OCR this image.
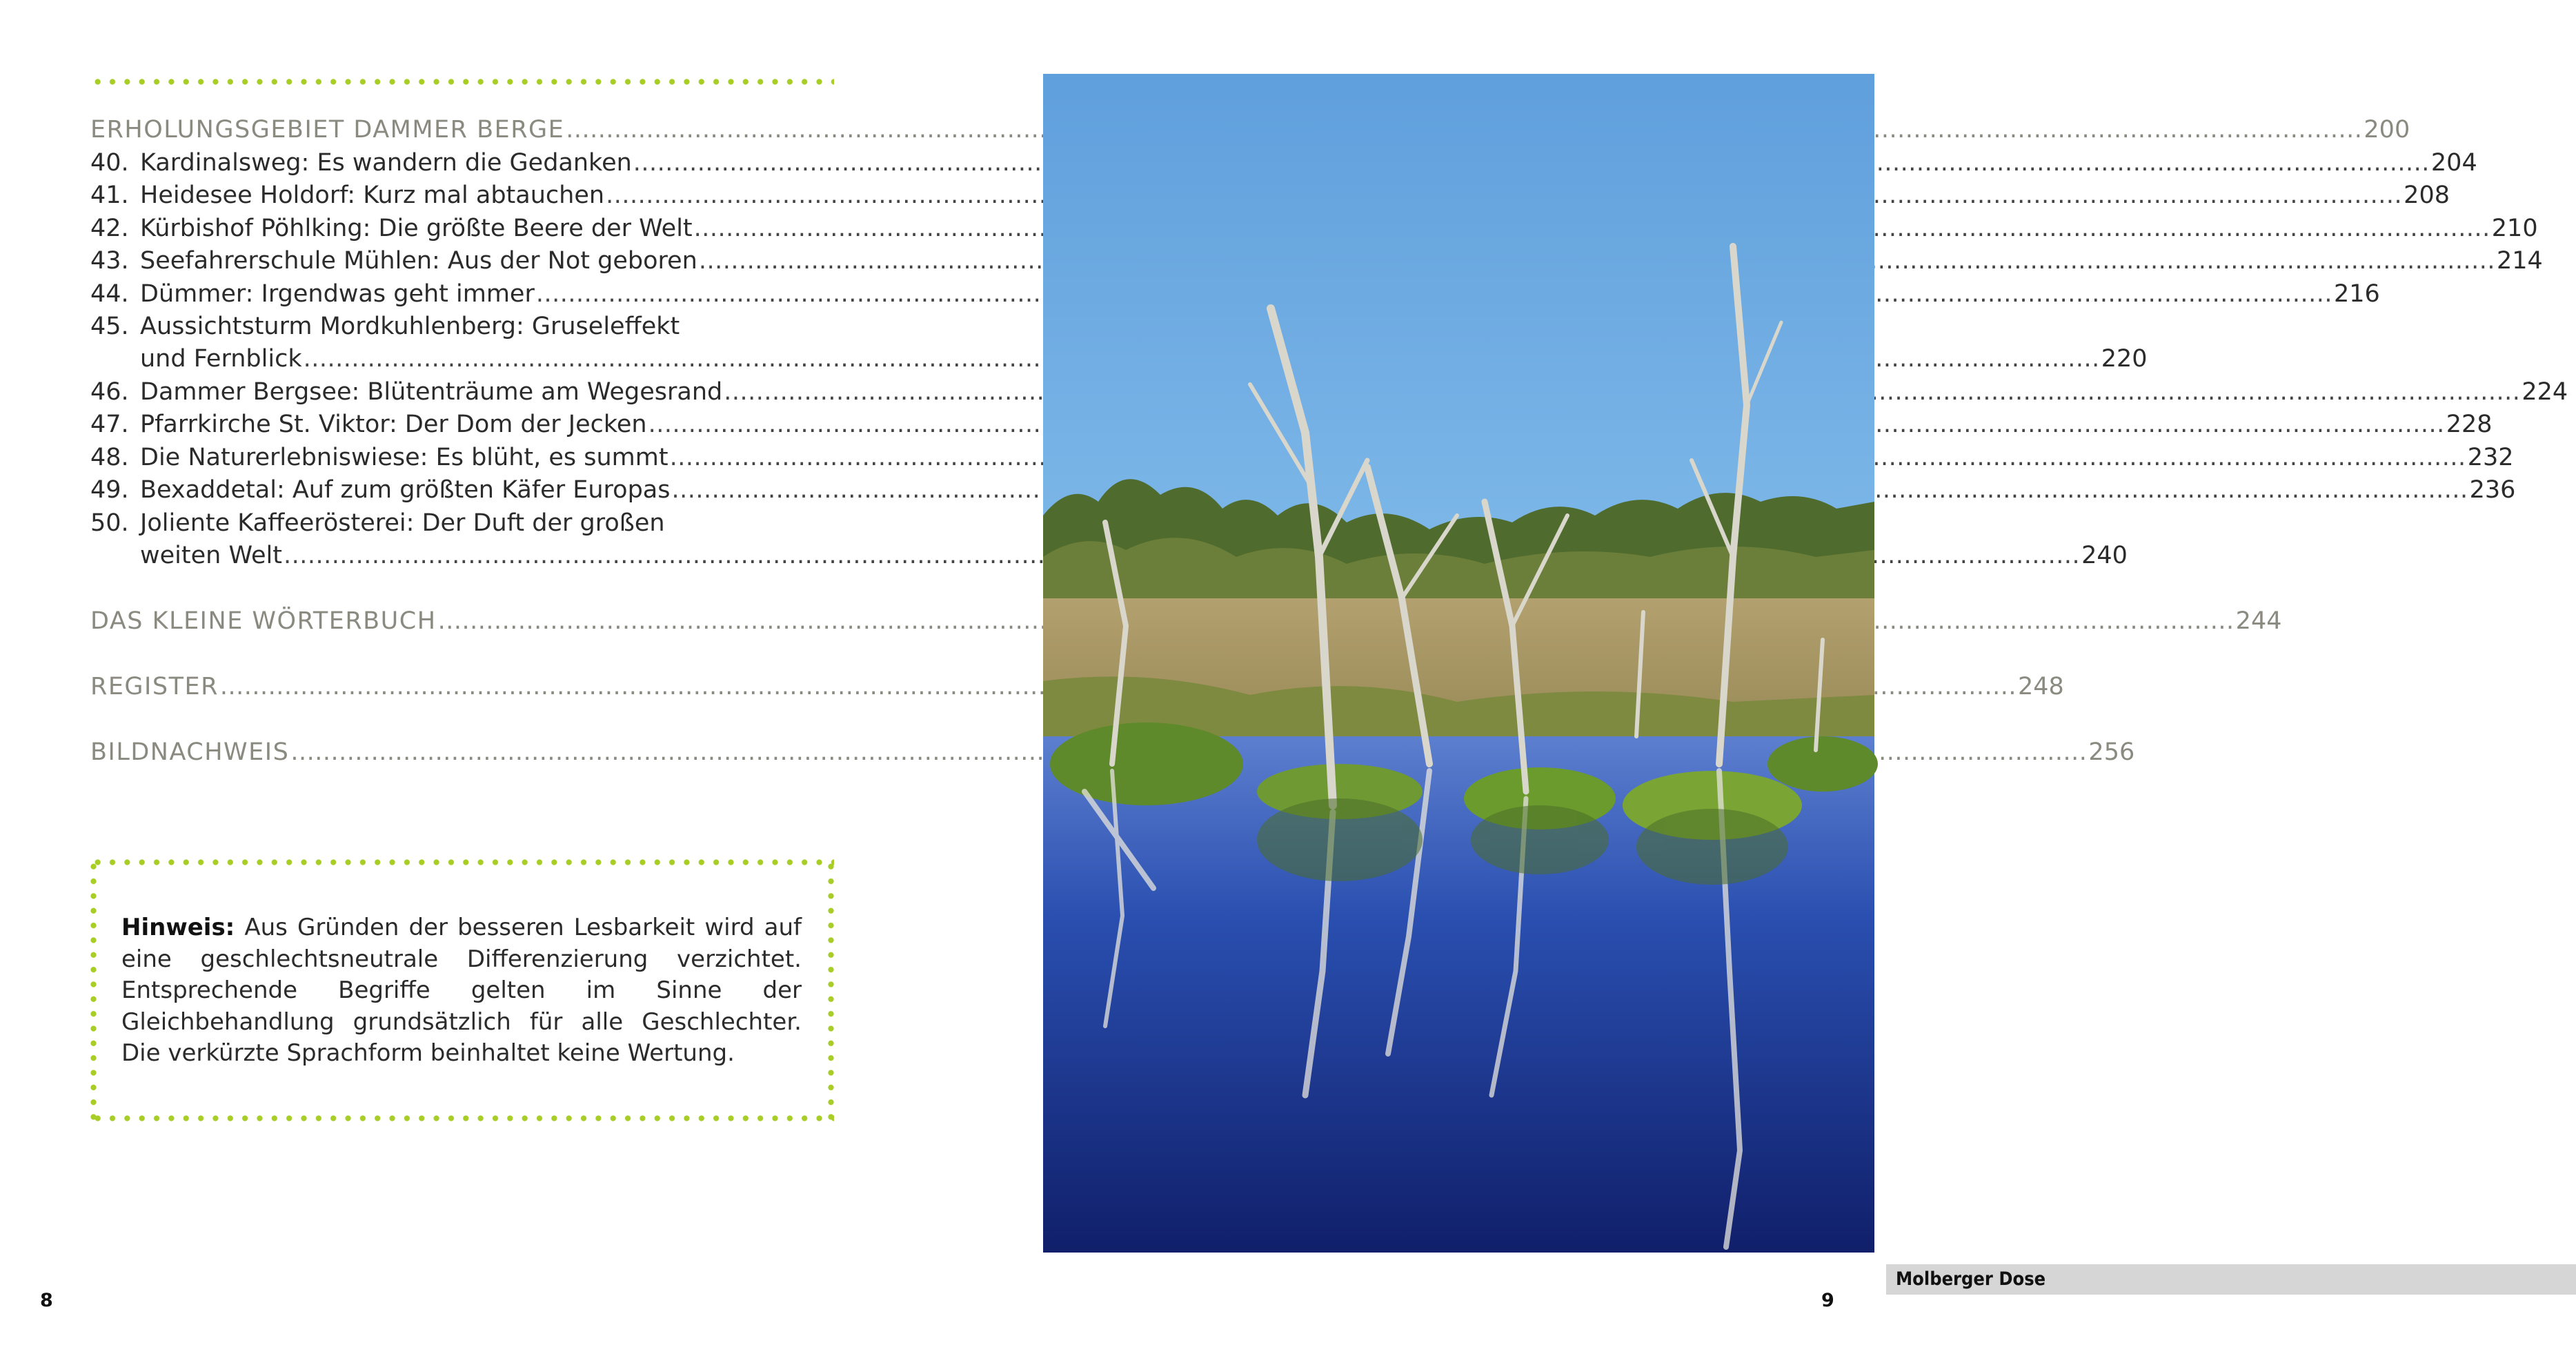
ERHOLUNGSGEBIET DAMMER BERGE .....	200
40. Kardinalsweg: Es wandern die Gedanken .....	204
41. Heidesee Holdorf: Kurz mal abtauchen .....	208
42. Kürbishof Pöhlking: Die größte Beere der Welt .....	210
43. Seefahrerschule Mühlen: Aus der Not geboren .....	214
44. Dümmer: Irgendwas geht immer .....	216
45. Aussichtsturm Mordkuhlenberg: Gruseleffekt
und Fernblick .....	220
46. Dammer Bergsee: Blütenträume am Wegesrand .....	224
47. Pfarrkirche St. Viktor: Der Dom der Jecken .....	228
48. Die Naturerlebniswiese: Es blüht, es summt .....	232
49. Bexaddetal: Auf zum größten Käfer Europas .....	236
50. Joliente Kaffeerösterei: Der Duft der großen
weiten Welt .....	240
DAS KLEINE WÖRTERBUCH .....	244
REGISTER .....	248
BILDNACHWEIS .....	256
Hinweis: Aus Gründen der besseren Lesbarkeit wird auf eine geschlechtsneutrale Differenzierung verzichtet. Entsprechende Begriffe gelten im Sinne der Gleichbehandlung grundsätzlich für alle Geschlechter. Die verkürzte Sprachform beinhaltet keine Wertung.
Molberger Dose
8	9
